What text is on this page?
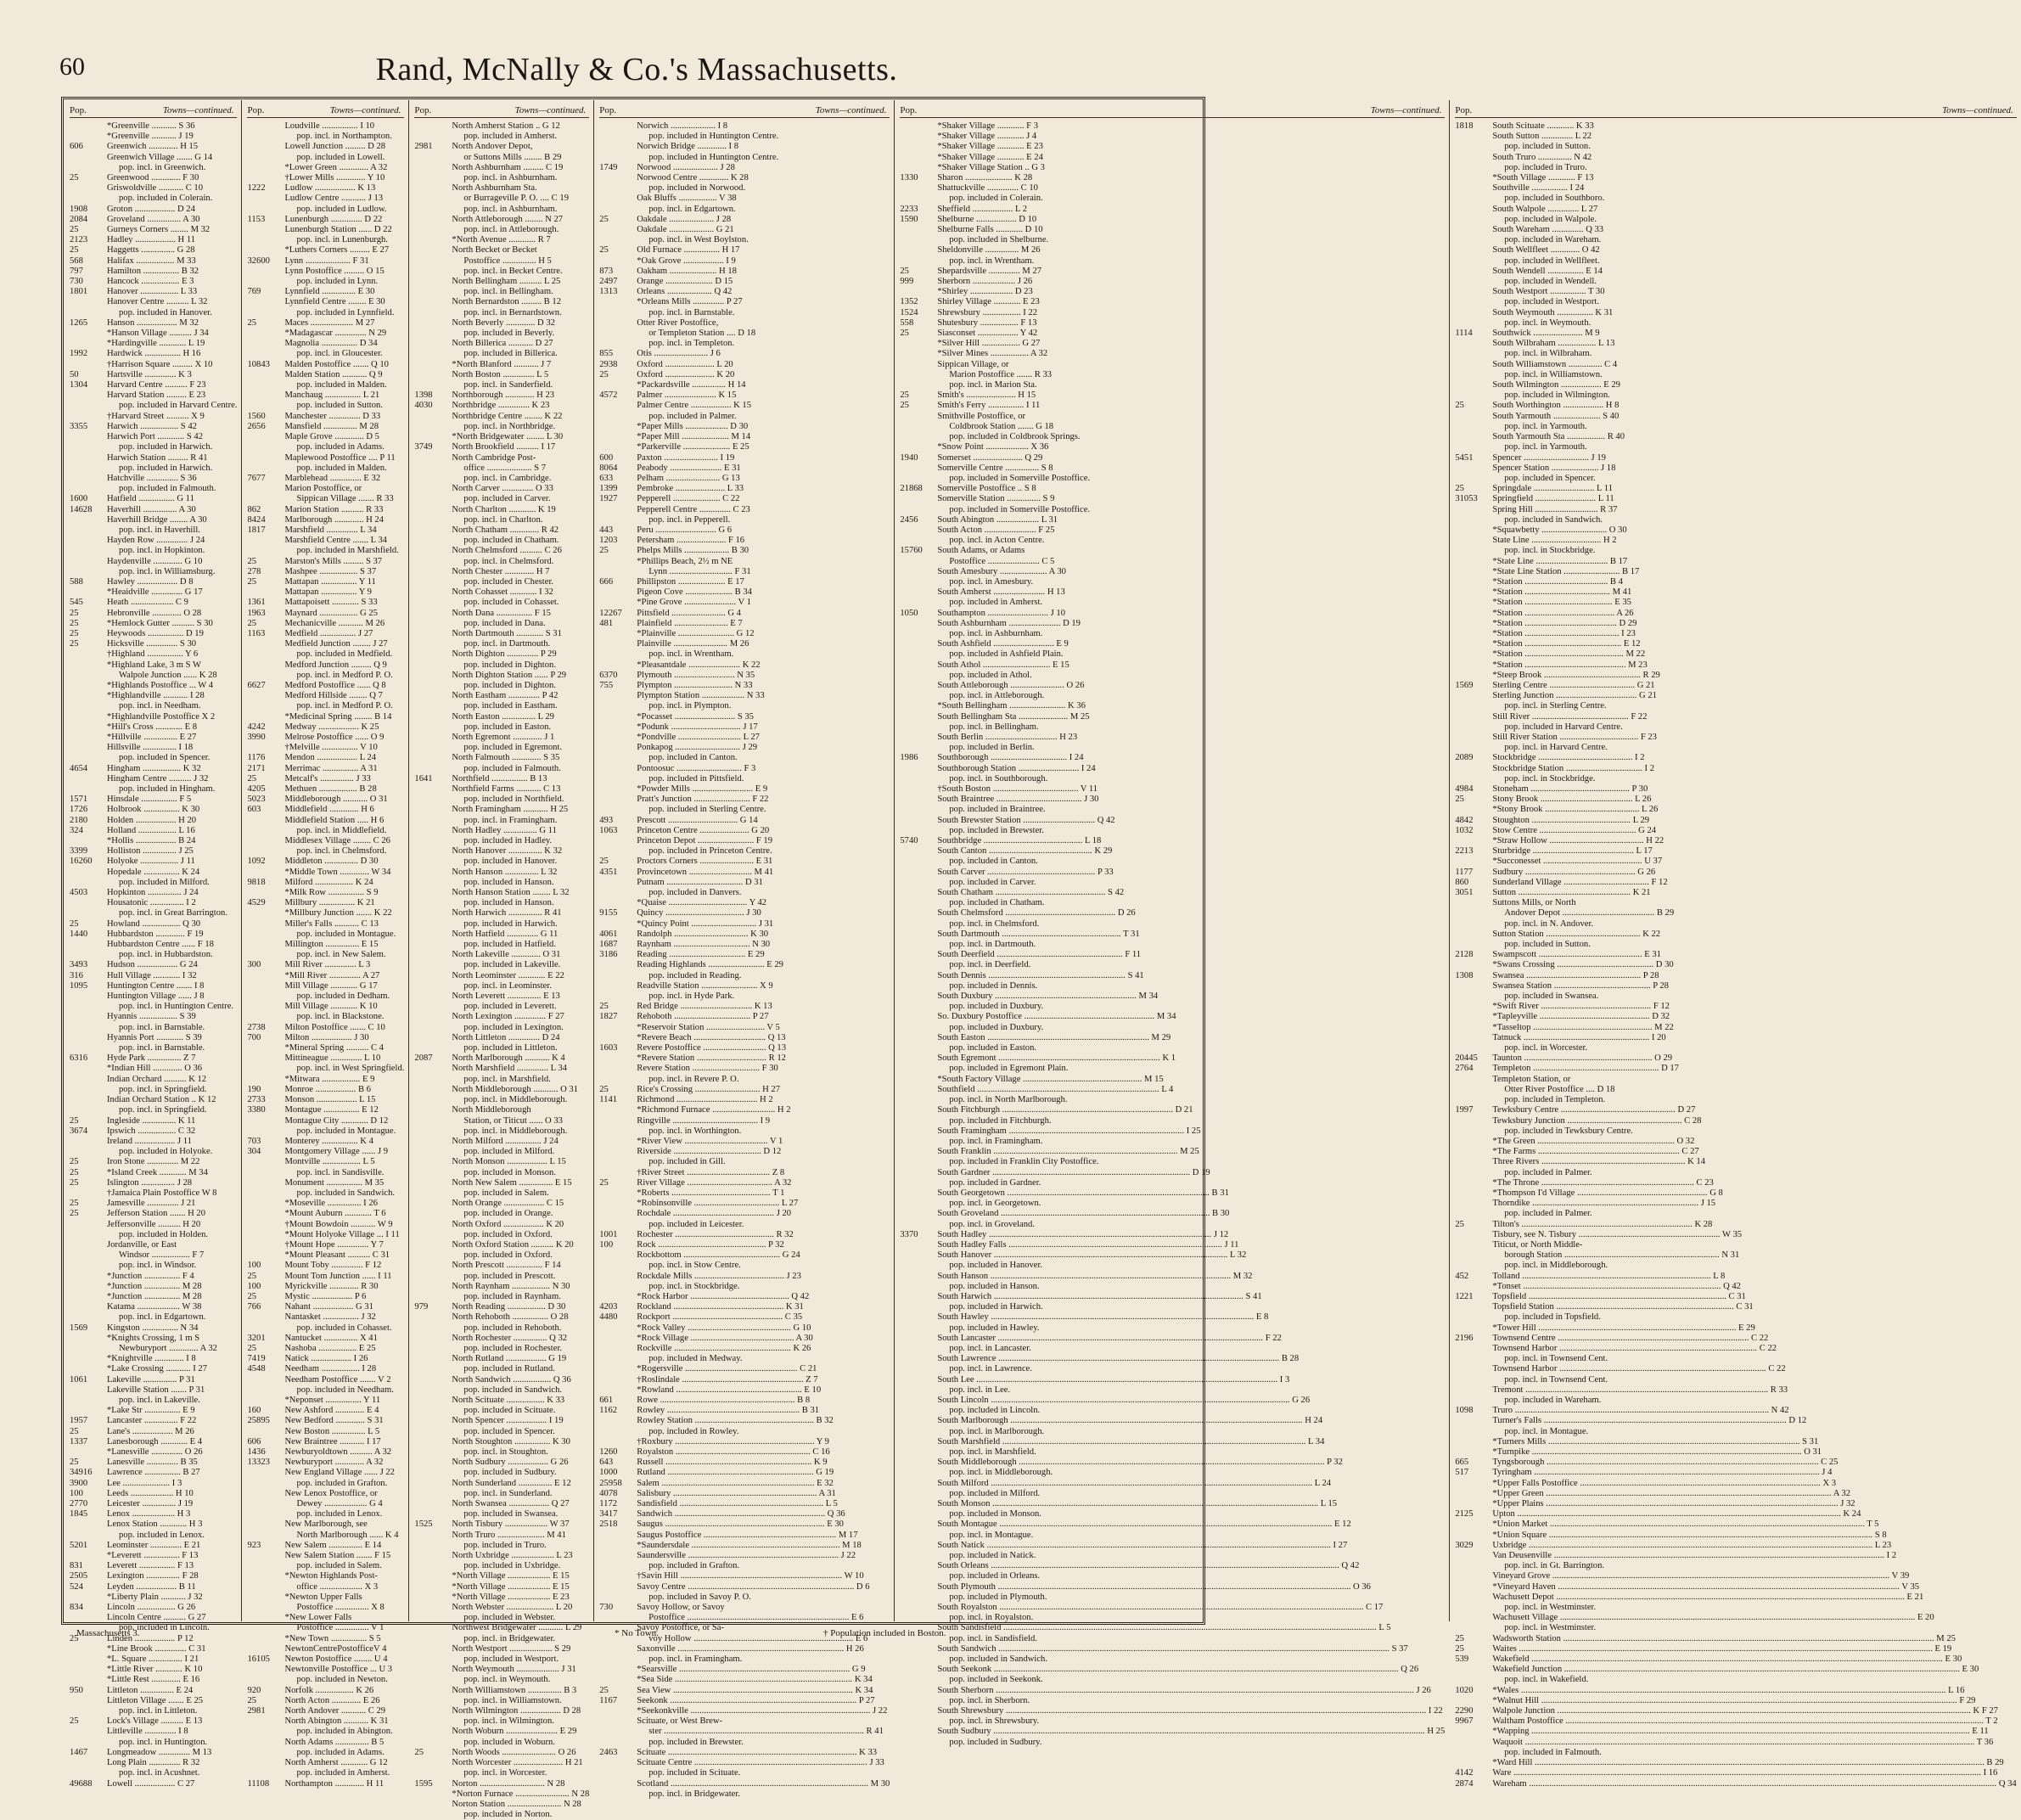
60	Rand, McNally & Co.'s Massachusetts.
Pop.	Towns—continued.
*Greenville ........... S 36
*Greenville ........... J 19
606	Greenwich ............. H 15
Greenwich Village ....... G 14
pop. incl. in Greenwich.
25	Greenwood ............. F 30
Griswoldville ........... C 10
pop. included in Colerain.
1908	Groton .................. D 24
2084	Groveland ............... A 30
25	Gurneys Corners ........ M 32
2123	Hadley .................. H 11
25	Haggetts ............... G 28
568	Halifax ................. M 33
797	Hamilton ................ B 32
730	Hancock ................. E 3
1801	Hanover ................. L 33
Hanover Centre .......... L 32
pop. included in Hanover.
1265	Hanson .................. M 32
*Hanson Village .......... J 34
*Hardingville ............ L 19
1992	Hardwick ................ H 16
†Harrison Square ......... X 10
50	Hartsville .............. K 3
1304	Harvard Centre .......... F 23
Harvard Station ......... E 23
pop. included in Harvard Centre.
†Harvard Street .......... X 9
3355	Harwich ................. S 42
Harwich Port ............ S 42
pop. included in Harwich.
Harwich Station ......... R 41
pop. included in Harwich.
Hatchville .............. S 36
pop. included in Falmouth.
1600	Hatfield ................ G 11
14628	Haverhill ............... A 30
Haverhill Bridge ........ A 30
pop. incl. in Haverhill.
Hayden Row .............. J 24
pop. incl. in Hopkinton.
Haydenville ............. G 10
pop. incl. in Williamsburg.
588	Hawley .................. D 8
*Heaidville .............. G 17
545	Heath ................... C 9
25	Hebronville ............. O 28
25	*Hemlock Gutter .......... S 30
25	Heywoods ................ D 19
25	Hicksville .............. S 30
†Highland ................ Y 6
*Highland Lake, 3 m S W
Walpole Junction ...... K 28
*Highlands Postoffice ... W 4
*Highlandville ........... I 28
pop. incl. in Needham.
*Highlandville Postoffice X 2
*Hill's Cross ............ E 8
*Hillville ............... E 27
Hillsville ............... I 18
pop. included in Spencer.
4654	Hingham ................. K 32
Hingham Centre .......... J 32
pop. included in Hingham.
1571	Hinsdale ................ F 5
1726	Holbrook ................ K 30
2180	Holden .................. H 20
324	Holland ................. L 16
*Hollis .................. B 24
3399	Holliston ............... J 25
16260	Holyoke ................. J 11
Hopedale ................ K 24
pop. included in Milford.
4503	Hopkinton ............... J 24
Housatonic ............... I 2
pop. incl. in Great Barrington.
25	Howland ................. Q 30
1440	Hubbardston ............. F 19
Hubbardston Centre ...... F 18
pop. incl. in Hubbardston.
3493	Hudson .................. G 24
316	Hull Village ............ I 32
1095	Huntington Centre ....... I 8
Huntington Village ...... J 8
pop. incl. in Huntington Centre.
Hyannis ................. S 39
pop. incl. in Barnstable.
Hyannis Port ............ S 39
pop. incl. in Barnstable.
6316	Hyde Park ............... Z 7
*Indian Hill ............. O 36
Indian Orchard .......... K 12
pop. incl. in Springfield.
Indian Orchard Station .. K 12
pop. incl. in Springfield.
25	Ingleside ............... K 11
3674	Ipswich ................. C 32
Ireland .................. J 11
pop. included in Holyoke.
25	Iron Stone .............. M 22
25	*Island Creek ............ M 34
25	Islington ............... J 28
†Jamaica Plain Postoffice W 8
25	Jamesville .............. J 21
25	Jefferson Station ....... H 20
Jeffersonville .......... H 20
pop. included in Holden.
Jordanville, or East
Windsor ................. F 7
pop. incl. in Windsor.
*Junction ................ F 4
*Junction ................ M 28
*Junction ................ M 28
Katama ................... W 38
pop. incl. in Edgartown.
1569	Kingston ................ N 34
*Knights Crossing, 1 m S
Newburyport ............. A 32
*Knightville ............. I 8
*Lake Crossing ........... I 27
1061	Lakeville ............... P 31
Lakeville Station ....... P 31
pop. incl. in Lakeville.
*Lake Str ................ E 9
1957	Lancaster ............... F 22
25	Lane's .................. M 26
1337	Lanesborough ............ E 4
*Lanesville .............. O 26
25	Lanesville .............. B 35
34916	Lawrence ................ B 27
3900	Lee ..................... I 3
100	Leeds ................... H 10
2770	Leicester ............... J 19
1845	Lenox ................... H 3
Lenox Station ............ H 3
pop. included in Lenox.
5201	Leominster .............. E 21
*Leverett ................ F 13
831	Leverett ................ F 13
2505	Lexington ............... F 28
524	Leyden .................. B 11
*Liberty Plain ........... J 32
834	Lincoln ................. G 26
Lincoln Centre .......... G 27
pop. included in Lincoln.
25	Linden .................. P 12
*Line Brook .............. C 31
*L. Square ............... I 21
*Little River ............ K 10
*Little Rest ............. E 16
950	Littleton ............... E 24
Littleton Village ....... E 25
pop. incl. in Littleton.
25	Lock's Village .......... E 13
Littleville .............. I 8
pop. incl. in Huntington.
1467	Longmeadow .............. M 13
Long Plain .............. R 32
pop. incl. in Acushnet.
49688	Lowell .................. C 27
Pop.	Towns—continued.
Loudville ................ I 10
pop. incl. in Northampton.
Lowell Junction ......... D 28
pop. included in Lowell.
*Lower Green ............. A 32
†Lower Mills ............. Y 10
1222	Ludlow .................. K 13
Ludlow Centre ........... J 13
pop. included in Ludlow.
1153	Lunenburgh .............. D 22
Lunenburgh Station ...... D 22
pop. incl. in Lunenburgh.
*Luthers Corners ......... E 27
32600	Lynn .................... F 31
Lynn Postoffice ......... O 15
pop. included in Lynn.
769	Lynnfield ............... E 30
Lynnfield Centre ........ E 30
pop. included in Lynnfield.
25	Maces ................... M 27
*Madagascar .............. N 29
Magnolia ................ D 34
pop. incl. in Gloucester.
10843	Malden Postoffice ....... Q 10
Malden Station ........... Q 9
pop. included in Malden.
Manchaug ................ L 21
pop. included in Sutton.
1560	Manchester .............. D 33
2656	Mansfield ............... M 28
Maple Grove ............. D 5
pop. included in Adams.
Maplewood Postoffice .... P 11
pop. included in Malden.
7677	Marblehead .............. E 32
Marion Postoffice, or
Sippican Village ....... R 33
862	Marion Station .......... R 33
8424	Marlborough ............. H 24
1817	Marshfield .............. L 34
Marshfield Centre ....... L 34
pop. included in Marshfield.
25	Marston's Mills ......... S 37
278	Mashpee ................. S 37
25	Mattapan ................ Y 11
Mattapan ................ Y 9
1361	Mattapoisett ............ S 33
1963	Maynard ................. G 25
25	Mechanicville ........... M 26
1163	Medfield ................ J 27
Medfield Junction ........ J 27
pop. included in Medfield.
Medford Junction ......... Q 9
pop. incl. in Medford P. O.
6627	Medford Postoffice ...... Q 8
Medford Hillside ........ Q 7
pop. incl. in Medford P. O.
*Medicinal Spring ........ B 14
4242	Medway .................. K 25
3990	Melrose Postoffice ...... O 9
†Melville ................ V 10
1176	Mendon .................. L 24
2171	Merrimac ................ A 31
25	Metcalf's ............... J 33
4205	Methuen ................. B 28
5023	Middleborough ........... O 31
603	Middlefield ............. H 6
Middlefield Station ..... H 6
pop. incl. in Middlefield.
Middlesex Village ........ C 26
pop. incl. in Chelmsford.
1092	Middleton ............... D 30
*Middle Town ............. W 34
9818	Milford ................. K 24
*Milk Row ................ S 9
4529	Millbury ................ K 21
*Millbury Junction ....... K 22
Miller's Falls ........... C 13
pop. included in Montague.
Millington ............... E 15
pop. incl. in New Salem.
300	Mill River .............. L 3
*Mill River .............. A 27
Mill Village ............ G 17
pop. included in Dedham.
Mill Village ............ K 10
pop. incl. in Blackstone.
2738	Milton Postoffice ....... C 10
700	Milton .................. J 30
*Mineral Spring .......... C 4
Mittineague .............. L 10
pop. incl. in West Springfield.
*Mitwara ................. E 9
190	Monroe .................. B 6
2733	Monson .................. L 15
3380	Montague ................ E 12
Montague City ............ D 12
pop. included in Montague.
703	Monterey ................ K 4
304	Montgomery Village ...... J 9
Montville ................. L 5
pop. incl. in Sandisville.
Monument ................ M 35
pop. included in Sandwich.
*Moseville ............... I 26
*Mount Auburn ............ T 6
†Mount Bowdoin ........... W 9
*Mount Holyoke Village ... I 11
†Mount Hope .............. Y 7
*Mount Pleasant .......... C 31
100	Mount Toby .............. F 12
25	Mount Tom Junction ...... I 11
100	Myrickville ............. R 30
25	Mystic .................. P 6
766	Nahant .................. G 31
Nantasket ................ J 32
pop. included in Cohasset.
3201	Nantucket ............... X 41
25	Nashoba ................. E 25
7419	Natick .................. I 26
4548	Needham ................. I 28
Needham Postoffice ....... V 2
pop. included in Needham.
*Neponset ................ Y 11
160	New Ashford ............. E 4
25895	New Bedford ............. S 31
New Boston ............... L 5
606	New Braintree ........... I 17
1436	Newburyoldtown .......... A 32
13323	Newburyport ............. A 32
New England Village ...... J 22
pop. included in Grafton.
New Lenox Postoffice, or
Dewey ................... G 4
pop. included in Lenox.
New Marlborough, see
North Marlborough ...... K 4
923	New Salem ............... E 14
New Salem Station ....... F 15
pop. included in Salem.
*Newton Highlands Post-
office ................... X 3
*Newton Upper Falls
Postoffice ............... X 8
*New Lower Falls
Postoffice ............... V 1
*New Town ................ S 5
NewtonCentrePostofficeV 4
16105	Newton Postoffice ........ U 4
Newtonville Postoffice ... U 3
pop. included in Newton.
920	Norfolk ................. K 26
25	North Acton ............. E 26
2981	North Andover ........... C 29
North Abington ........... K 31
pop. included in Abington.
North Adams ............... B 5
pop. included in Adams.
North Amherst ............ G 12
pop. included in Amherst.
11108	Northampton ............. H 11
Pop.	Towns—continued.
North Amherst Station .. G 12
pop. included in Amherst.
2981	North Andover Depot,
or Suttons Mills ........ B 29
North Ashburnham ......... C 19
pop. incl. in Ashburnham.
North Ashburnham Sta.
or Burrageville P. O. .... C 19
pop. incl. in Ashburnham.
North Attleborough ........ N 27
pop. incl. in Attleborough.
*North Avenue ............ R 7
North Becket or Becket
Postoffice ............... H 5
pop. incl. in Becket Centre.
North Bellingham .......... L 25
pop. incl. in Bellingham.
North Bernardston ......... B 12
pop. incl. in Bernardstown.
North Beverly ............. D 32
pop. included in Beverly.
North Billerica ........... D 27
pop. included in Billerica.
*North Blanford ........... J 7
North Boston .............. L 5
pop. incl. in Sanderfield.
1398	Northborough ............. H 23
4030	Northbridge .............. K 23
Northbridge Centre ........ K 22
pop. incl. in Northbridge.
*North Bridgewater ........ L 30
3749	North Brookfield .......... I 17
North Cambridge Post-
office .................... S 7
pop. incl. in Cambridge.
North Carver .............. O 33
pop. included in Carver.
North Charlton ............ K 19
pop. incl. in Charlton.
North Chatham ............. R 42
pop. included in Chatham.
North Chelmsford .......... C 26
pop. incl. in Chelmsford.
North Chester ............. H 7
pop. included in Chester.
North Cohasset ............ I 32
pop. included in Cohasset.
North Dana ................ F 15
pop. included in Dana.
North Dartmouth ............ S 31
pop. incl. in Dartmouth.
North Dighton .............. P 29
pop. included in Dighton.
North Dighton Station ...... P 29
pop. included in Dighton.
North Eastham .............. P 42
pop. included in Eastham.
North Easton ............... L 29
pop. included in Easton.
North Egremont ............. J 1
pop. included in Egremont.
North Falmouth ............. S 35
pop. included in Falmouth.
1641	Northfield ................ B 13
Northfield Farms ........... C 13
pop. included in Northfield.
North Framingham ........... H 25
pop. incl. in Framingham.
North Hadley ............... G 11
pop. included in Hadley.
North Hanover ............... K 32
pop. included in Hanover.
North Hanson ............... L 32
pop. included in Hanson.
North Hanson Station ........ L 32
pop. included in Hanson.
North Harwich ............... R 41
pop. included in Harwich.
North Hatfield .............. G 11
pop. included in Hatfield.
North Lakeville ............. O 31
pop. included in Lakeville.
North Leominster ............ E 22
pop. incl. in Leominster.
North Leverett ............... E 13
pop. included in Leverett.
North Lexington .............. F 27
pop. included in Lexington.
North Littleton .............. D 24
pop. included in Littleton.
2087	North Marlborough ........... K 4
North Marshfield .............. L 34
pop. incl. in Marshfield.
North Middleborough ........... O 31
pop. incl. in Middleborough.
North Middleborough
Station, or Titicut ...... O 33
pop. incl. in Middleborough.
North Milford ................ J 24
pop. included in Milford.
North Monson .................. L 15
pop. included in Monson.
North New Salem ............... E 15
pop. included in Salem.
North Orange .................. C 15
pop. included in Orange.
North Oxford .................. K 20
pop. included in Oxford.
North Oxford Station .......... K 20
pop. included in Oxford.
North Prescott ................ F 14
pop. included in Prescott.
North Raynham ................. N 30
pop. included in Raynham.
979	North Reading ................. D 30
North Rehoboth ................ O 28
pop. included in Rehoboth.
North Rochester ............... Q 32
pop. included in Rochester.
North Rutland .................. G 19
pop. included in Rutland.
North Sandwich ................. Q 36
pop. included in Sandwich.
North Scituate ................. K 33
pop. included in Scituate.
North Spencer .................. I 19
pop. included in Spencer.
North Stoughton ................ K 30
pop. incl. in Stoughton.
North Sudbury .................. G 26
pop. included in Sudbury.
North Sunderland ............... E 12
pop. incl. in Sunderland.
North Swansea .................. Q 27
pop. included in Swansea.
1525	North Tisbury ................... W 37
North Truro ..................... M 41
pop. included in Truro.
North Uxbridge ................... L 23
pop. included in Uxbridge.
*North Village ................... E 15
*North Village ................... E 15
*North Village ................... E 23
North Webster ..................... L 20
pop. included in Webster.
Northwest Bridgewater ........... L 29
pop. incl. in Bridgewater.
North Westport ................... S 29
pop. included in Westport.
North Weymouth ................... J 31
pop. incl. in Weymouth.
North Williamstown ............... B 3
pop. incl. in Williamstown.
North Wilmington .................. D 28
pop. incl. in Wilmington.
North Woburn ....................... E 29
pop. included in Woburn.
25	North Woods ........................ O 26
North Worcester ...................... H 21
pop. incl. in Worcester.
1595	Norton ............................. N 28
*Norton Furnace ........................ N 28
Norton Station ........................ N 28
pop. included in Norton.
Pop.	Towns—continued.
Norwich .................... I 8
pop. included in Huntington Centre.
Norwich Bridge ............. I 8
pop. included in Huntington Centre.
1749	Norwood .................... J 28
Norwood Centre ............. K 28
pop. included in Norwood.
Oak Bluffs ................. V 38
pop. incl. in Edgartown.
25	Oakdale .................... J 28
Oakdale .................... G 21
pop. incl. in West Boylston.
25	Old Furnace ................ H 17
*Oak Grove .................. I 9
873	Oakham ..................... H 18
2497	Orange ..................... D 15
1313	Orleans .................... Q 42
*Orleans Mills .............. P 27
pop. incl. in Barnstable.
Otter River Postoffice,
or Templeton Station .... D 18
pop. incl. in Templeton.
855	Otis ........................ J 6
2938	Oxford ...................... L 20
25	Oxford ...................... K 20
*Packardsville ............... H 14
4572	Palmer ....................... K 15
Palmer Centre .................. K 15
pop. included in Palmer.
*Paper Mills ................... D 30
*Paper Mill ..................... M 14
*Parkerville ..................... E 25
600	Paxton ........................ I 19
8064	Peabody ....................... E 31
633	Pelham ........................ G 13
1399	Pembroke ...................... L 33
1927	Pepperell ..................... C 22
Pepperell Centre .............. C 23
pop. incl. in Pepperell.
443	Peru ........................... G 6
1203	Petersham ...................... F 16
25	Phelps Mills .................... B 30
*Phillips Beach, 2½ m NE
Lynn ............................ F 31
666	Phillipston ..................... E 17
Pigeon Cove ..................... B 34
*Pine Grove ....................... V 1
12267	Pittsfield ........................ G 4
481	Plainfield ........................ E 7
*Plainville ......................... G 12
Plainville ........................ M 26
pop. incl. in Wrentham.
*Pleasantdale ....................... K 22
6370	Plymouth ........................... N 35
755	Plympton .......................... N 33
Plympton Station ................... N 33
pop. incl. in Plympton.
*Pocasset ........................... S 35
*Podunk ............................... J 17
*Pondville ............................ L 27
Ponkapog ............................. J 29
pop. included in Canton.
Pontoosuc ............................. F 3
pop. included in Pittsfield.
*Powder Mills ........................... E 9
Pratt's Junction ......................... F 22
pop. included in Sterling Centre.
493	Prescott ............................... G 14
1063	Princeton Centre ...................... G 20
Princeton Depot ......................... F 19
pop. included in Princeton Centre.
25	Proctors Corners ........................ E 31
4351	Provincetown ............................ M 41
Putnam .................................. D 31
pop. included in Danvers.
*Quaise ................................... Y 42
9155	Quincy ................................... J 30
*Quincy Point ............................. J 31
4061	Randolph ................................. K 30
1687	Raynham .................................. N 30
3186	Reading .................................. E 29
Reading Highlands ......................... E 29
pop. included in Reading.
Readville Station ......................... X 9
pop. incl. in Hyde Park.
25	Red Bridge ................................ K 13
1827	Rehoboth .................................. P 27
*Reservoir Station .......................... V 5
*Revere Beach ................................ Q 13
1603	Revere Postoffice ............................ Q 13
*Revere Station ............................... R 12
Revere Station .............................. F 30
pop. incl. in Revere P. O.
25	Rice's Crossing ............................. H 27
1141	Richmond .................................... H 2
*Richmond Furnace ............................ H 2
Ringville ...................................... I 9
pop. incl. in Worthington.
*River View ..................................... V 1
Riverside ....................................... D 12
pop. included in Gill.
†River Street ..................................... Z 8
25	River Village ...................................... A 32
*Roberts ............................................ T 1
*Robinsonville ...................................... L 27
Rochdale ............................................. J 20
pop. included in Leicester.
1001	Rochester ............................................ R 32
100	Rock ................................................ P 32
Rockbottom ........................................... G 24
pop. incl. in Stow Centre.
Rockdale Mills ........................................ J 23
pop. incl. in Stockbridge.
*Rock Harbor ............................................ Q 42
4203	Rockland ................................................. K 31
4480	Rockport ................................................. C 35
*Rock Valley .............................................. G 10
*Rock Village .............................................. A 30
Rockville .................................................... K 26
pop. included in Medway.
*Rogersville .................................................. C 21
†Roslindale ...................................................... Z 7
*Rowland ........................................................ E 10
661	Rowe ............................................................ B 8
1162	Rowley ........................................................... B 31
Rowley Station ..................................................... B 32
pop. included in Rowley.
†Roxbury .............................................................. Y 9
1260	Royalston ............................................................ C 16
643	Russell ................................................................. K 9
1000	Rutland ................................................................. G 19
25958	Salem .................................................................... E 32
4078	Salisbury ................................................................ A 31
1172	Sandisfield ................................................................ L 5
3417	Sandwich ................................................................... Q 36
2518	Saugus ....................................................................... E 30
Saugus Postoffice ........................................................... M 17
*Saundersdale .................................................................. M 18
Saundersville ................................................................... J 22
pop. included in Grafton.
†Savin Hill ........................................................................ W 10
Savoy Centre .......................................................................... D 6
pop. included in Savoy P. O.
730	Savoy Hollow, or Savoy
Postoffice ........................................................................ E 6
Savoy Postoffice, or Sa-
voy Hollow ....................................................................... E 6
Saxonville .......................................................................... H 26
pop. incl. in Framingham.
*Searsville ............................................................................ G 9
*Sea Side ............................................................................... K 34
25	Sea View ................................................................................ K 34
1167	Seekonk ................................................................................... P 27
*Seekonkville ................................................................................ J 22
Scituate, or West Brew-
ster ......................................................................................... R 41
pop. included in Brewster.
2463	Scituate .................................................................................... K 33
Scituate Centre ............................................................................. J 33
pop. included in Scituate.
Scotland ........................................................................................ M 30
pop. incl. in Bridgewater.
Pop.	Towns—continued.
*Shaker Village ............ F 3
*Shaker Village ............ J 4
*Shaker Village ............ E 23
*Shaker Village ............ E 24
*Shaker Village Station .. G 3
1330	Sharon ..................... K 28
Shattuckville .............. C 10
pop. included in Colerain.
2233	Sheffield .................. L 2
1590	Shelburne .................. D 10
Shelburne Falls ............ D 10
pop. included in Shelburne.
Sheldonville ............... M 26
pop. incl. in Wrentham.
25	Shepardsville .............. M 27
999	Sherborn ................... J 26
*Shirley ................... D 23
1352	Shirley Village ............ E 23
1524	Shrewsbury ................. I 22
558	Shutesbury ................. F 13
25	Siasconset .................. Y 42
*Silver Hill ................. G 27
*Silver Mines ................. A 32
Sippican Village, or
Marion Postoffice ....... R 33
pop. incl. in Marion Sta.
25	Smith's ...................... H 15
25	Smith's Ferry ................ I 11
Smithville Postoffice, or
Coldbrook Station ....... G 18
pop. included in Coldbrook Springs.
*Snow Point ................... X 36
1940	Somerset ...................... Q 29
Somerville Centre ............... S 8
pop. included in Somerville Postoffice.
21868	Somerville Postoffice .. S 8
Somerville Station ............... S 9
pop. included in Somerville Postoffice.
2456	South Abington ................... L 31
South Acton ....................... F 25
pop. incl. in Acton Centre.
15760	South Adams, or Adams
Postoffice ....................... C 5
South Amesbury ..................... A 30
pop. incl. in Amesbury.
South Amherst ....................... H 13
pop. included in Amherst.
1050	Southampton ........................... J 10
South Ashburnham ....................... D 19
pop. incl. in Ashburnham.
South Ashfield ........................... E 9
pop. included in Ashfield Plain.
South Athol .............................. E 15
pop. included in Athol.
South Attleborough ........................ O 26
pop. incl. in Attleborough.
*South Bellingham ......................... K 36
South Bellingham Sta ...................... M 25
pop. incl. in Bellingham.
South Berlin ................................ H 23
pop. included in Berlin.
1986	Southborough .................................. I 24
Southborough Station ........................... I 24
pop. incl. in Southborough.
†South Boston ...................................... V 11
South Braintree ...................................... J 30
pop. included in Braintree.
South Brewster Station ................................ Q 42
pop. included in Brewster.
5740	Southbridge ............................................ L 18
South Canton .............................................. K 29
pop. included in Canton.
South Carver ................................................ P 33
pop. included in Carver.
South Chatham ................................................. S 42
pop. included in Chatham.
South Chelmsford ................................................. D 26
pop. incl. in Chelmsford.
South Dartmouth ..................................................... T 31
pop. incl. in Dartmouth.
South Deerfield ........................................................ F 11
pop. incl. in Deerfield.
South Dennis ............................................................. S 41
pop. included in Dennis.
South Duxbury ............................................................... M 34
pop. included in Duxbury.
So. Duxbury Postoffice .......................................................... M 34
pop. included in Duxbury.
South Easton ........................................................................ M 29
pop. included in Easton.
South Egremont ........................................................................ K 1
pop. included in Egremont Plain.
*South Factory Village ..................................................... M 15
Southfield ................................................................................. L 4
pop. incl. in North Marlborough.
South Fitchburgh ............................................................................ D 21
pop. included in Fitchburgh.
South Framingham .............................................................................. I 25
pop. incl. in Framingham.
South Franklin .................................................................................. M 25
pop. included in Franklin City Postoffice.
South Gardner ........................................................................................ D 19
pop. included in Gardner.
South Georgetown .......................................................................................... B 31
pop. incl. in Georgetown.
South Groveland ............................................................................................. B 30
pop. incl. in Groveland.
3370	South Hadley ................................................................................................... J 12
South Hadley Falls ............................................................................................... J 11
South Hanover ........................................................................................................ L 32
pop. included in Hanover.
South Hanson ........................................................................................................... M 32
pop. included in Hanson.
South Harwich ............................................................................................................... S 41
pop. included in Harwich.
South Hawley ..................................................................................................................... E 8
pop. included in Hawley.
South Lancaster ...................................................................................................................... F 22
pop. incl. in Lancaster.
South Lawrence ............................................................................................................................. B 28
pop. incl. in Lawrence.
South Lee ...................................................................................................................................... I 3
pop. incl. in Lee.
South Lincoln ..................................................................................................................................... G 26
pop. included in Lincoln.
South Marlborough .................................................................................................................................. H 24
pop. incl. in Marlborough.
South Marshfield ....................................................................................................................................... L 34
pop. incl. in Marshfield.
South Middleborough ........................................................................................................................................ P 32
pop. incl. in Middleborough.
South Milford ............................................................................................................................................... L 24
pop. included in Milford.
South Monson ................................................................................................................................................. L 15
pop. included in Monson.
South Montague .................................................................................................................................................... E 12
pop. incl. in Montague.
South Natick ......................................................................................................................................................... I 27
pop. included in Natick.
South Orleans ........................................................................................................................................................... Q 42
pop. included in Orleans.
South Plymouth ............................................................................................................................................................. O 36
pop. included in Plymouth.
South Royalston .................................................................................................................................................................. C 17
pop. incl. in Royalston.
South Sandisfield ...................................................................................................................................................................... L 5
pop. incl. in Sandisfield.
South Sandwich .............................................................................................................................................................................. S 37
pop. included in Sandwich.
South Seekonk .................................................................................................................................................................................... Q 26
pop. included in Seekonk.
South Sherborn .......................................................................................................................................................................................... J 26
pop. incl. in Sherborn.
South Shrewsbury ........................................................................................................................................................................................... I 22
pop. incl. in Shrewsbury.
South Sudbury ................................................................................................................................................................................................ H 25
pop. included in Sudbury.
Pop.	Towns—continued.
1818	South Scituate ............ K 33
South Sutton .............. L 22
pop. included in Sutton.
South Truro ............... N 42
pop. included in Truro.
*South Village ............ F 13
Southville ................ I 24
pop. included in Southboro.
South Walpole .............. L 27
pop. included in Walpole.
South Wareham .............. Q 33
pop. included in Wareham.
South Wellfleet ............. O 42
pop. included in Wellfleet.
South Wendell ................ E 14
pop. included in Wendell.
South Westport ................ T 30
pop. included in Westport.
South Weymouth ................ K 31
pop. incl. in Weymouth.
1114	Southwick ...................... M 9
South Wilbraham ................. L 13
pop. incl. in Wilbraham.
South Williamstown ............... C 4
pop. incl. in Williamstown.
South Wilmington .................. E 29
pop. included in Wilmington.
25	South Worthington .................. H 8
South Yarmouth ..................... S 40
pop. incl. in Yarmouth.
South Yarmouth Sta ................. R 40
pop. incl. in Yarmouth.
5451	Spencer ............................. J 19
Spencer Station ..................... J 18
pop. included in Spencer.
25	Springdale ........................... L 11
31053	Springfield ........................... L 11
Spring Hill ............................ R 37
pop. included in Sandwich.
*Squawbetty ............................. O 30
State Line ............................... H 2
pop. incl. in Stockbridge.
*State Line ................................ B 17
*State Line Station ......................... B 17
*Station ..................................... B 4
*Station ...................................... M 41
*Station ....................................... E 35
*Station ........................................ A 26
*Station ......................................... D 29
*Station .......................................... I 23
*Station ........................................... E 12
*Station ............................................ M 22
*Station ............................................. M 23
*Steep Brook ........................................... R 29
1569	Sterling Centre ...................................... G 21
Sterling Junction .................................... G 21
pop. incl. in Sterling Centre.
Still River ........................................... F 22
pop. included in Harvard Centre.
Still River Station ................................... F 23
pop. incl. in Harvard Centre.
2089	Stockbridge .......................................... I 2
Stockbridge Station .................................. I 2
pop. incl. in Stockbridge.
4984	Stoneham ............................................ P 30
25	Stony Brook ......................................... L 26
*Stony Brook .......................................... L 26
4842	Stoughton ............................................ L 29
1032	Stow Centre ........................................... G 24
*Straw Hollow .......................................... H 22
2213	Sturbridge ............................................. L 17
*Succonesset ............................................ U 37
1177	Sudbury ................................................. G 26
860	Sunderland Village ...................................... F 12
3051	Sutton .................................................. K 21
Suttons Mills, or North
Andover Depot ......................................... B 29
pop. incl. in N. Andover.
Sutton Station .......................................... K 22
pop. included in Sutton.
2128	Swampscott .............................................. E 31
*Swans Crossing ........................................... D 30
1308	Swansea ................................................... P 28
Swansea Station ........................................... P 28
pop. included in Swansea.
*Swift River ................................................. F 12
*Tapleyville ................................................. D 32
*Tasseltop ..................................................... M 22
Tatnuck ........................................................ I 20
pop. incl. in Worcester.
20445	Taunton ......................................................... O 29
2764	Templeton ........................................................ D 17
Templeton Station, or
Otter River Postoffice .... D 18
pop. included in Templeton.
1997	Tewksbury Centre ................................................... D 27
Tewksbury Junction ................................................... C 28
pop. included in Tewksbury Centre.
*The Green ............................................................. O 32
*The Farms ............................................................... C 27
Three Rivers ................................................................ K 14
pop. included in Palmer.
*The Throne .................................................................... C 23
*Thompson I'd Village .......................................................... G 8
Thorndike .......................................................................... J 15
pop. included in Palmer.
25	Tilton's ............................................................................ K 28
Tisbury, see N. Tisbury ............................................................... W 35
Titicut, or North Middle-
borough Station ..................................................................... N 31
pop. incl. in Middleborough.
452	Tolland .................................................................................... L 8
*Tonset ........................................................................................ Q 42
1221	Topsfield ........................................................................................ C 31
Topsfield Station ............................................................................... C 31
pop. included in Topsfield.
*Tower Hill ........................................................................................ E 29
2196	Townsend Centre ..................................................................................... C 22
Townsend Harbor ........................................................................................ C 22
pop. incl. in Townsend Cent.
Townsend Harbor ............................................................................................ C 22
pop. incl. in Townsend Cent.
Tremont ............................................................................................................ R 33
pop. included in Wareham.
1098	Truro ................................................................................................................. N 42
Turner's Falls ............................................................................................................ D 12
pop. incl. in Montague.
*Turners Mills ................................................................................................................ S 31
*Turnpike ........................................................................................................................ O 31
665	Tyngsborough ......................................................................................................................... C 25
517	Tyringham ............................................................................................................................... J 4
*Upper Falls Postoffice ........................................................................................................... X 3
*Upper Green ............................................................................................................................... A 32
*Upper Plains .................................................................................................................................. J 32
2125	Upton ................................................................................................................................................ K 24
*Union Market ............................................................................................................................................ T 5
*Union Square ................................................................................................................................................ S 8
3029	Uxbridge ......................................................................................................................................................... L 23
Van Deusenville ................................................................................................................................................... I 2
pop. incl. in Gt. Barrington.
Vineyard Grove ...................................................................................................................................................... V 39
*Vineyard Haven ........................................................................................................................................................ V 35
Wachusett Depot ........................................................................................................................................................... E 21
pop. incl. in Westminster.
Wachusett Village .............................................................................................................................................................. E 20
pop. incl. in Westminster.
25	Wadsworth Station ..................................................................................................................................................................... M 25
25	Waites ........................................................................................................................................................................................ E 19
539	Wakefield ....................................................................................................................................................................................... E 30
Wakefield Junction ................................................................................................................................................................................ E 30
pop. incl. in Wakefield.
1020	*Wales ............................................................................................................................................................................................. L 16
*Walnut Hill ......................................................................................................................................................................................... F 29
2290	Walpole Junction ........................................................................................................................................................................................ K F 27
9967	Waltham Postoffice .......................................................................................................................................................................................... T 2
*Wapping ................................................................................................................................................................................................... E 11
Waquoit ........................................................................................................................................................................................................ T 36
pop. included in Falmouth.
*Ward Hill ........................................................................................................................................................................................................ B 29
4142	Ware ................................................................................................................................................................................................................ I 16
2874	Wareham ................................................................................................................................................................................................................ Q 34
Massachusetts 3.	* No Town.	† Population included in Boston.
